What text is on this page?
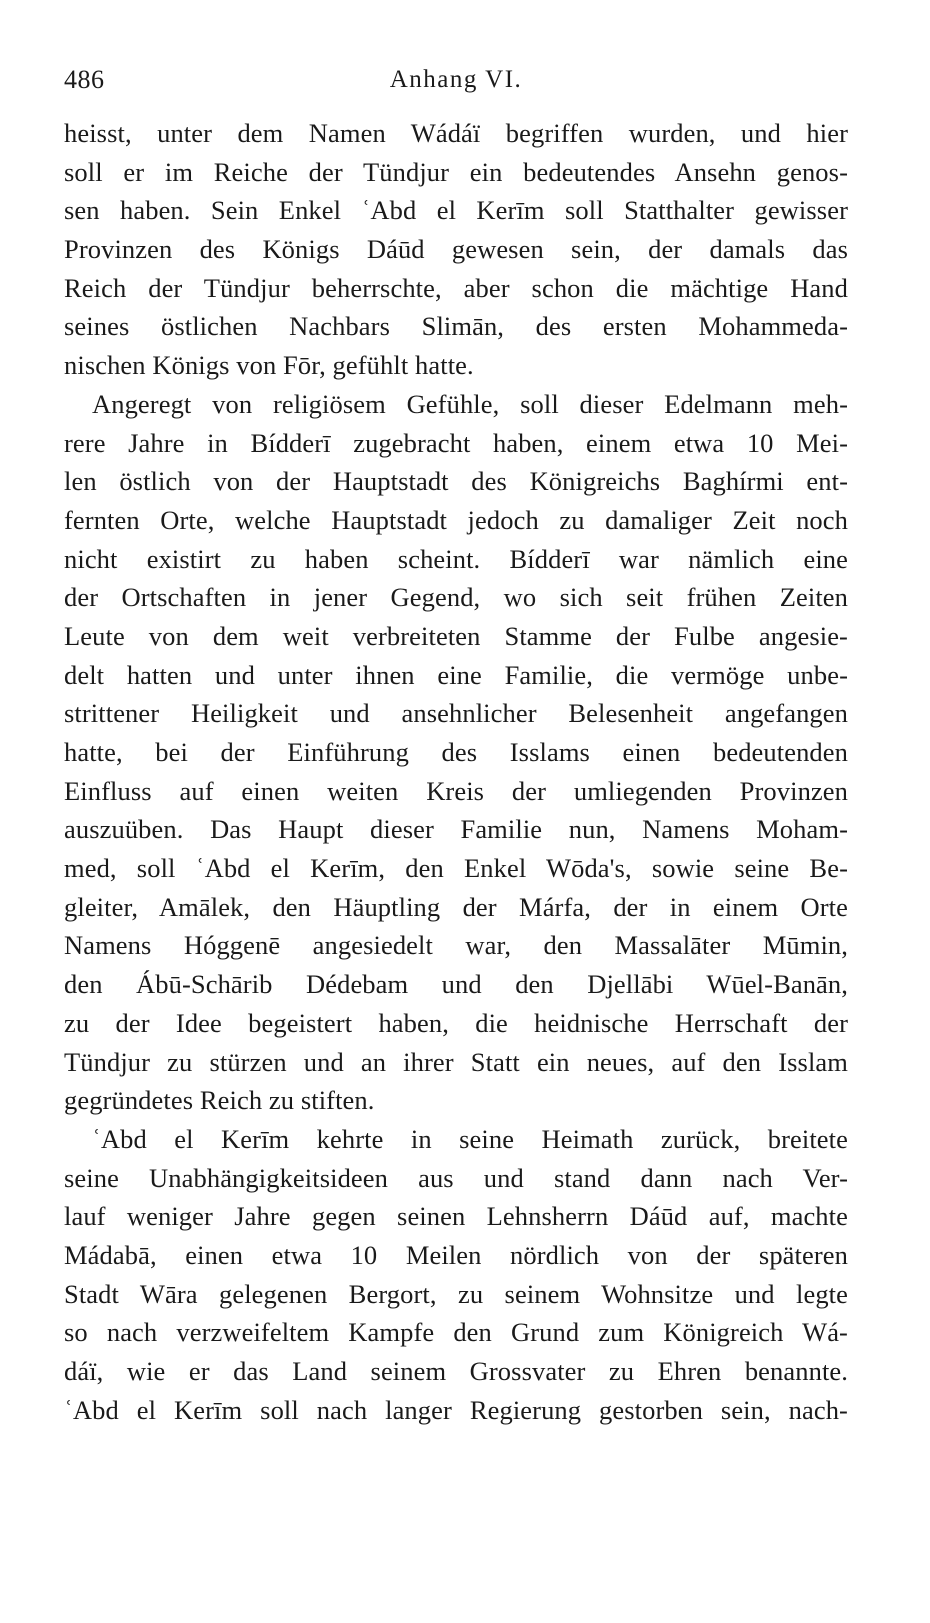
486	Anhang VI.
heisst, unter dem Namen Wádáï begriffen wurden, und hier
soll er im Reiche der Tündjur ein bedeutendes Ansehn genos-
sen haben. Sein Enkel ʿAbd el Kerīm soll Statthalter gewisser
Provinzen des Königs Dáūd gewesen sein, der damals das
Reich der Tündjur beherrschte, aber schon die mächtige Hand
seines östlichen Nachbars Slimān, des ersten Mohammeda-
nischen Königs von Fōr, gefühlt hatte.
Angeregt von religiösem Gefühle, soll dieser Edelmann meh-
rere Jahre in Bídderī zugebracht haben, einem etwa 10 Mei-
len östlich von der Hauptstadt des Königreichs Baghírmi ent-
fernten Orte, welche Hauptstadt jedoch zu damaliger Zeit noch
nicht existirt zu haben scheint. Bídderī war nämlich eine
der Ortschaften in jener Gegend, wo sich seit frühen Zeiten
Leute von dem weit verbreiteten Stamme der Fulbe angesie-
delt hatten und unter ihnen eine Familie, die vermöge unbe-
strittener Heiligkeit und ansehnlicher Belesenheit angefangen
hatte, bei der Einführung des Isslams einen bedeutenden
Einfluss auf einen weiten Kreis der umliegenden Provinzen
auszuüben. Das Haupt dieser Familie nun, Namens Moham-
med, soll ʿAbd el Kerīm, den Enkel Wōda's, sowie seine Be-
gleiter, Amālek, den Häuptling der Márfa, der in einem Orte
Namens Hóggenē angesiedelt war, den Massalāter Mūmin,
den Ábū-Schārib Dédebam und den Djellābi Wūel-Banān,
zu der Idee begeistert haben, die heidnische Herrschaft der
Tündjur zu stürzen und an ihrer Statt ein neues, auf den Isslam
gegründetes Reich zu stiften.
ʿAbd el Kerīm kehrte in seine Heimath zurück, breitete
seine Unabhängigkeitsideen aus und stand dann nach Ver-
lauf weniger Jahre gegen seinen Lehnsherrn Dáūd auf, machte
Mádabā, einen etwa 10 Meilen nördlich von der späteren
Stadt Wāra gelegenen Bergort, zu seinem Wohnsitze und legte
so nach verzweifeltem Kampfe den Grund zum Königreich Wá-
dáï, wie er das Land seinem Grossvater zu Ehren benannte.
ʿAbd el Kerīm soll nach langer Regierung gestorben sein, nach-
